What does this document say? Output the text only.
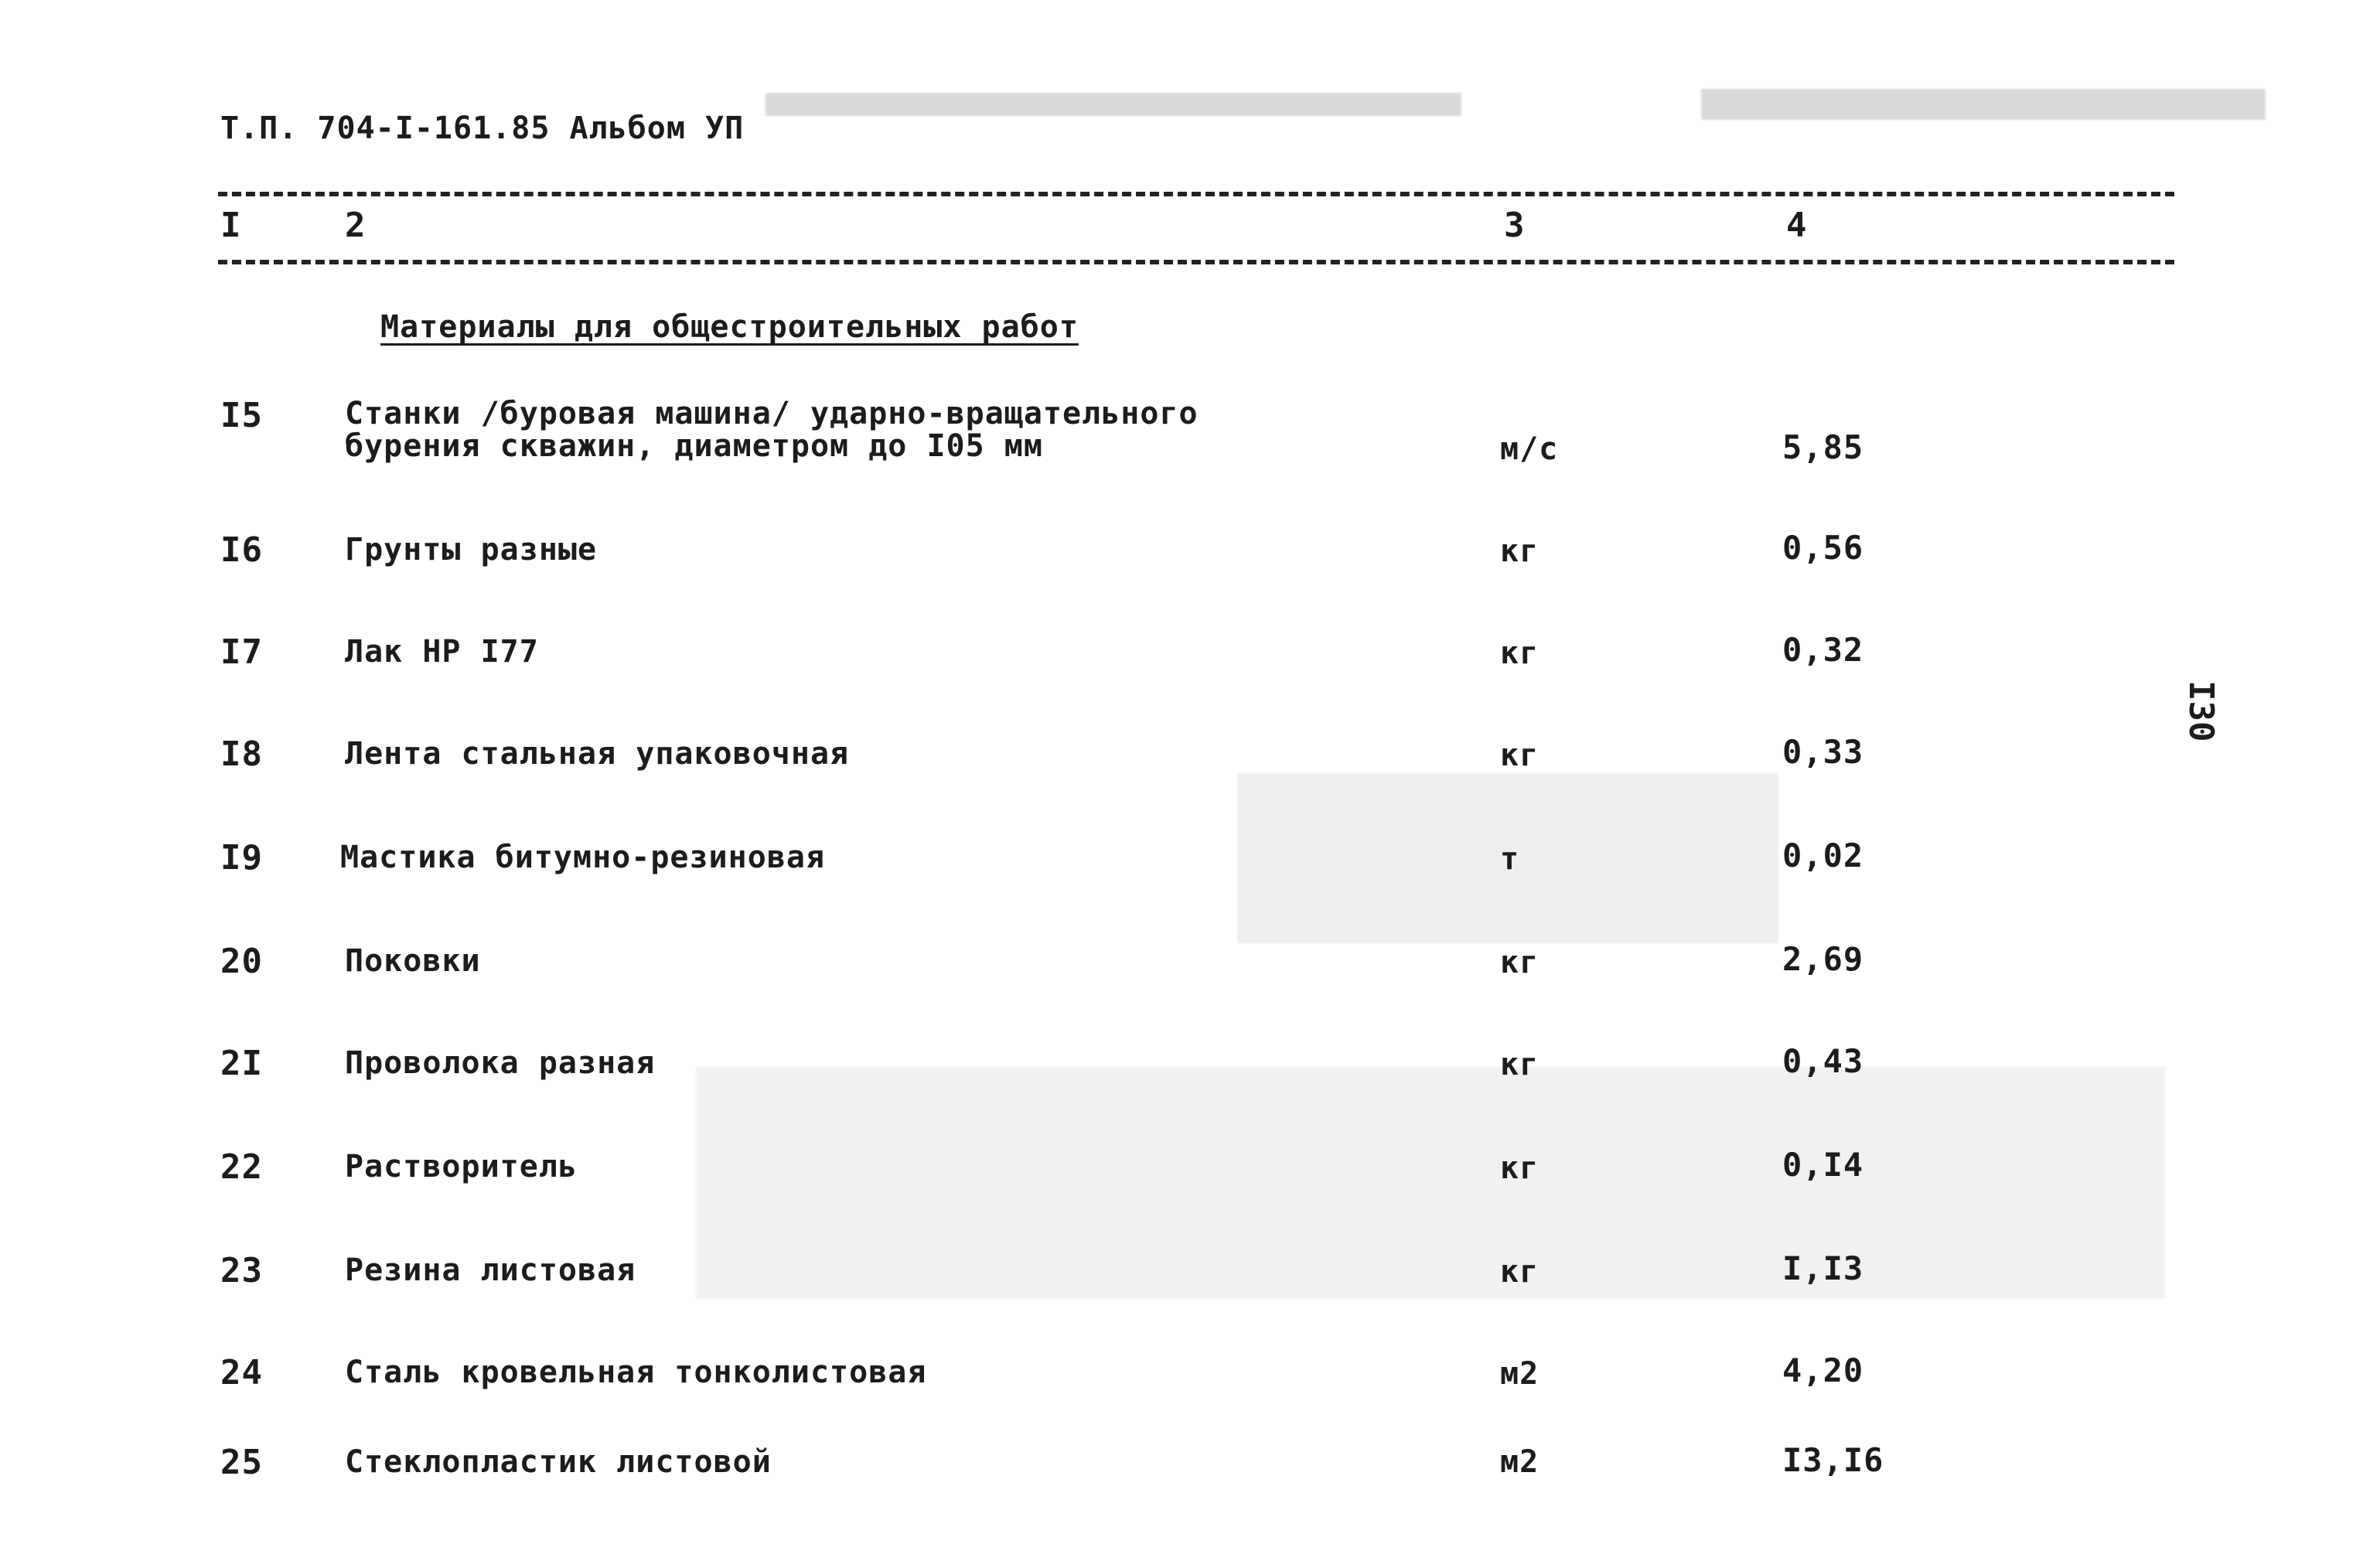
Т.П. 704-I-161.85 Альбом УП
I	2	3	4
Материалы для общестроительных работ
I5	Станки /буровая машина/ ударно-вращательного
бурения скважин, диаметром до I05 мм	м/с	5,85
I6	Грунты разные	кг	0,56
I7	Лак НР I77	кг	0,32
I8	Лента стальная упаковочная	кг	0,33
I9	Мастика битумно-резиновая	т	0,02
20	Поковки	кг	2,69
2I	Проволока разная	кг	0,43
22	Растворитель	кг	0,I4
23	Резина листовая	кг	I,I3
24	Сталь кровельная тонколистовая	м2	4,20
25	Стеклопластик листовой	м2	I3,I6
I30
